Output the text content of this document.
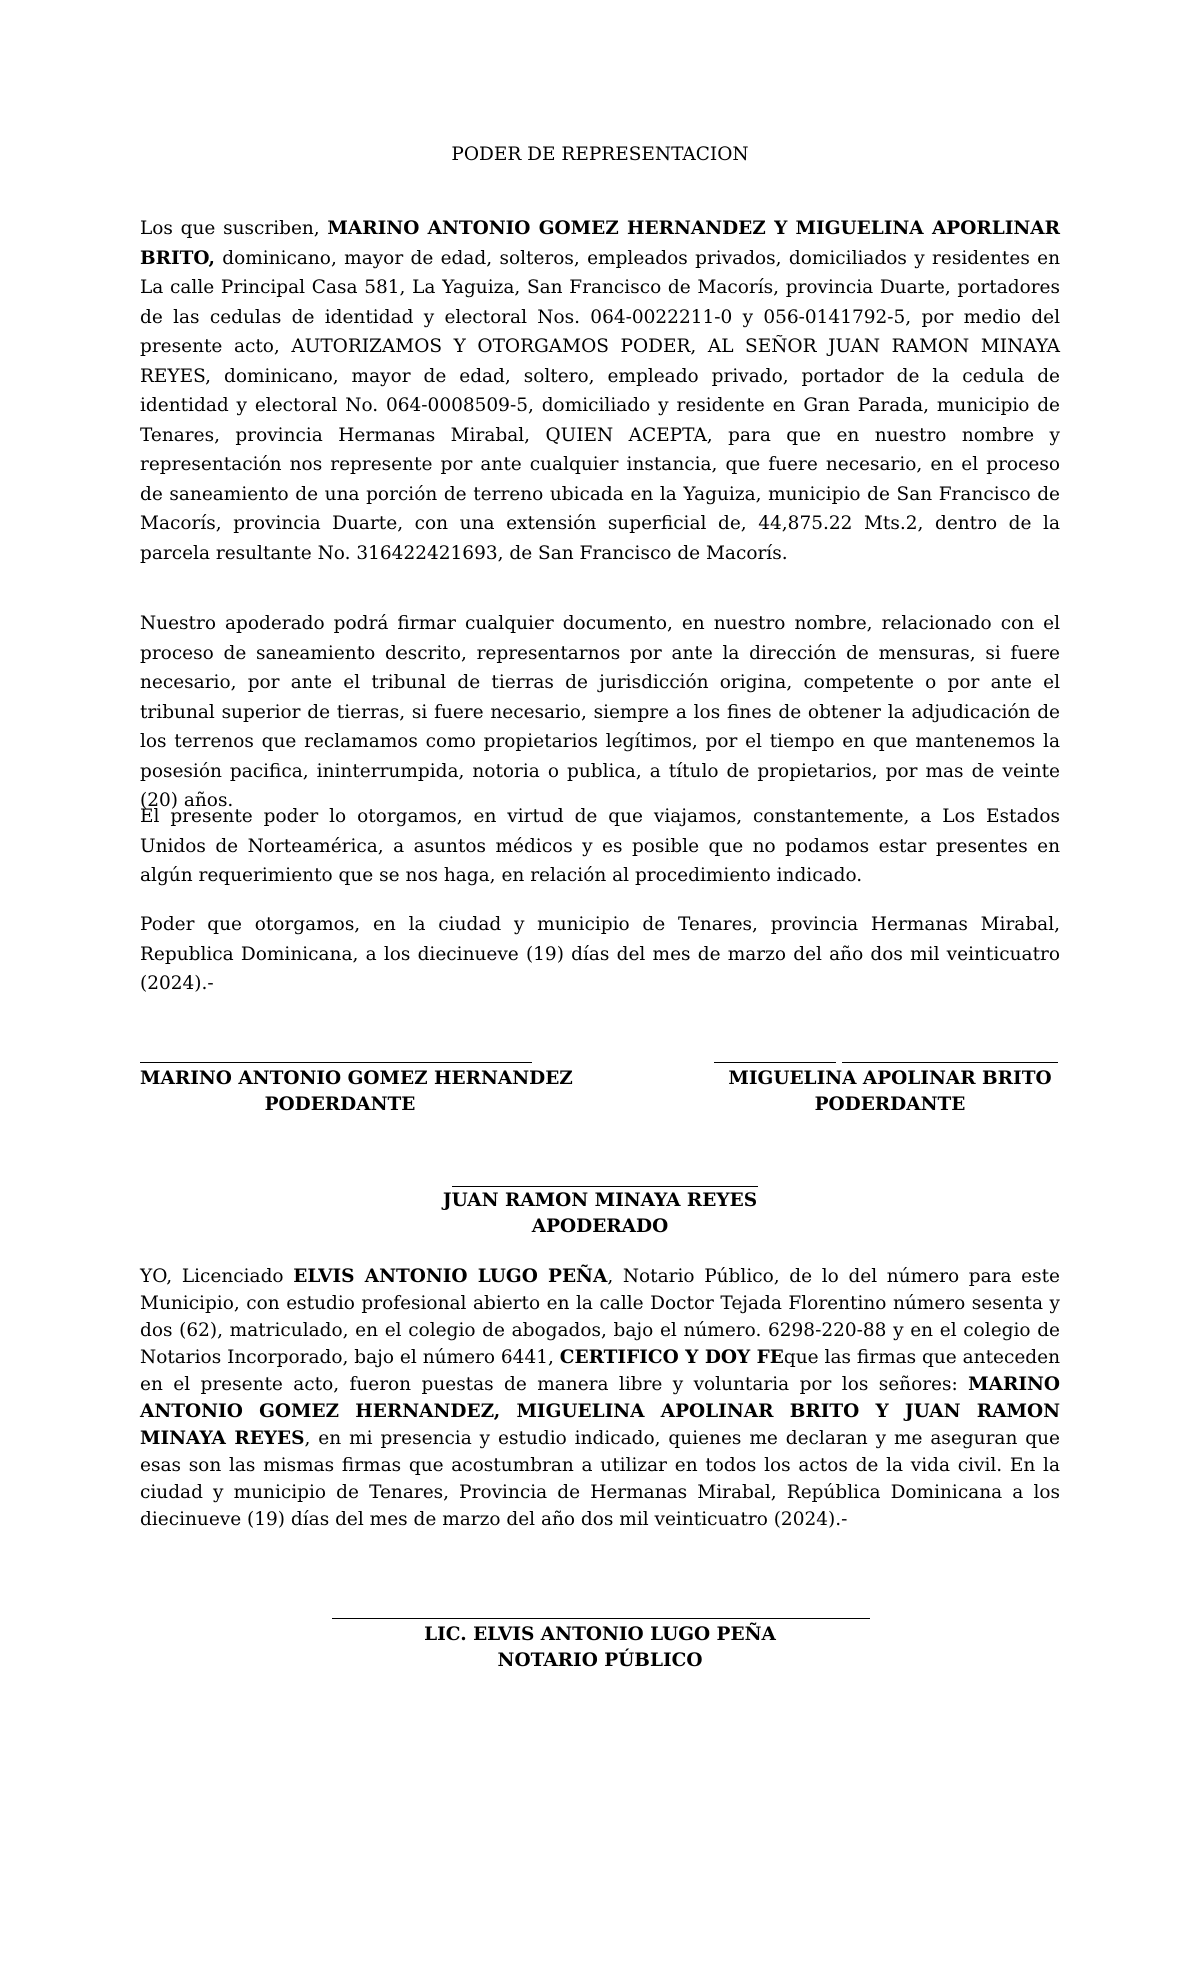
PODER DE REPRESENTACION

Los que suscriben, MARINO ANTONIO GOMEZ HERNANDEZ Y MIGUELINA APORLINAR BRITO, dominicano, mayor de edad, solteros, empleados privados, domiciliados y residentes en La calle Principal Casa 581, La Yaguiza, San Francisco de Macorís, provincia Duarte, portadores de las cedulas de identidad y electoral Nos. 064-0022211-0 y 056-0141792-5, por medio del presente acto, AUTORIZAMOS Y OTORGAMOS PODER, AL SEÑOR JUAN RAMON MINAYA REYES, dominicano, mayor de edad, soltero, empleado privado, portador de la cedula de identidad y electoral No. 064-0008509-5, domiciliado y residente en Gran Parada, municipio de Tenares, provincia Hermanas Mirabal, QUIEN ACEPTA, para que en nuestro nombre y representación nos represente por ante cualquier instancia, que fuere necesario, en el proceso de saneamiento de una porción de terreno ubicada en la Yaguiza, municipio de San Francisco de Macorís, provincia Duarte, con una extensión superficial de, 44,875.22 Mts.2, dentro de la parcela resultante No. 316422421693, de San Francisco de Macorís.

Nuestro apoderado podrá firmar cualquier documento, en nuestro nombre, relacionado con el proceso de saneamiento descrito, representarnos por ante la dirección de mensuras, si fuere necesario, por ante el tribunal de tierras de jurisdicción origina, competente o por ante el tribunal superior de tierras, si fuere necesario, siempre a los fines de obtener la adjudicación de los terrenos que reclamamos como propietarios legítimos, por el tiempo en que mantenemos la posesión pacifica, ininterrumpida, notoria o publica, a título de propietarios, por mas de veinte (20) años.

El presente poder lo otorgamos, en virtud de que viajamos, constantemente, a Los Estados Unidos de Norteamérica, a asuntos médicos y es posible que no podamos estar presentes en algún requerimiento que se nos haga, en relación al procedimiento indicado.

Poder que otorgamos, en la ciudad y municipio de Tenares, provincia Hermanas Mirabal, Republica Dominicana, a los diecinueve (19) días del mes de marzo del año dos mil veinticuatro (2024).-

MARINO ANTONIO GOMEZ HERNANDEZ
PODERDANTE
MIGUELINA APOLINAR BRITO
PODERDANTE
JUAN RAMON MINAYA REYES
APODERADO

YO, Licenciado ELVIS ANTONIO LUGO PEÑA, Notario Público, de lo del número para este Municipio, con estudio profesional abierto en la calle Doctor Tejada Florentino número sesenta y dos (62), matriculado, en el colegio de abogados, bajo el número. 6298-220-88 y en el colegio de Notarios Incorporado, bajo el número 6441, CERTIFICO Y DOY FEque las firmas que anteceden en el presente acto, fueron puestas de manera libre y voluntaria por los señores: MARINO ANTONIO GOMEZ HERNANDEZ, MIGUELINA APOLINAR BRITO Y JUAN RAMON MINAYA REYES, en mi presencia y estudio indicado, quienes me declaran y me aseguran que esas son las mismas firmas que acostumbran a utilizar en todos los actos de la vida civil. En la ciudad y municipio de Tenares, Provincia de Hermanas Mirabal, República Dominicana a los diecinueve (19) días del mes de marzo del año dos mil veinticuatro (2024).-

LIC. ELVIS ANTONIO LUGO PEÑA
NOTARIO PÚBLICO
